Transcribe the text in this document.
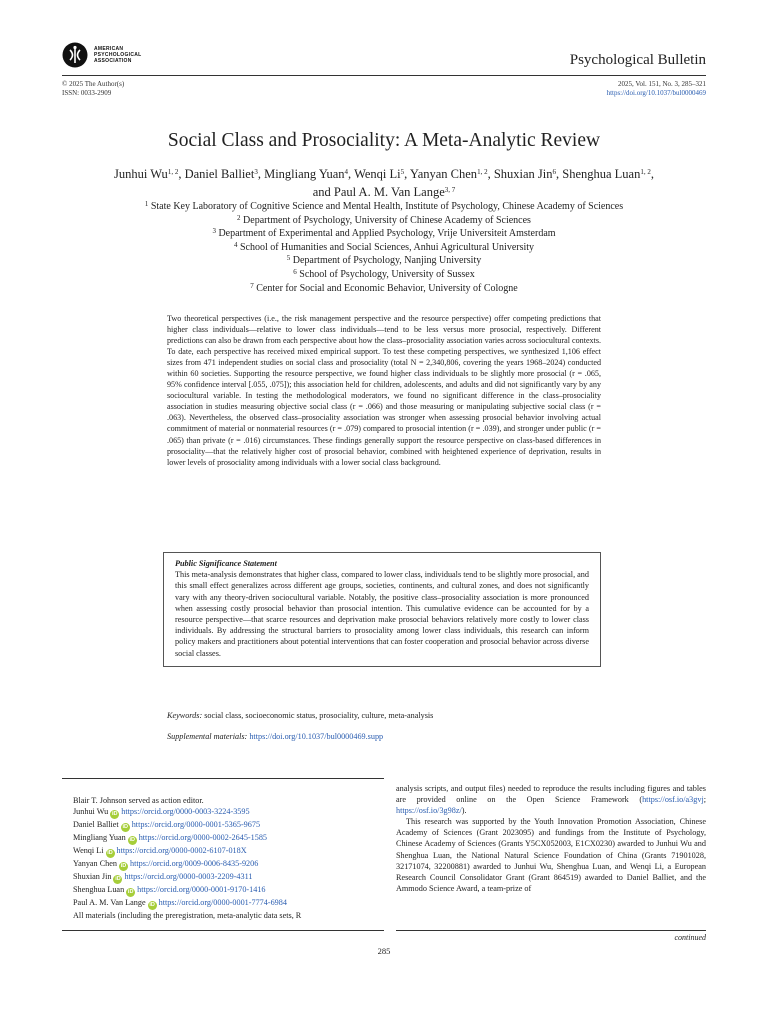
AMERICAN
PSYCHOLOGICAL
ASSOCIATION	Psychological Bulletin
© 2025 The Author(s)
ISSN: 0033-2909
2025, Vol. 151, No. 3, 285–321
https://doi.org/10.1037/bul0000469
Social Class and Prosociality: A Meta-Analytic Review
Junhui Wu$^{1, 2}$, Daniel Balliet$^3$, Mingliang Yuan$^4$, Wenqi Li$^5$, Yanyan Chen$^{1, 2}$, Shuxian Jin$^6$, Shenghua Luan$^{1, 2}$, and Paul A. M. Van Lange$^{3, 7}$
$^1$ State Key Laboratory of Cognitive Science and Mental Health, Institute of Psychology, Chinese Academy of Sciences
$^2$ Department of Psychology, University of Chinese Academy of Sciences
$^3$ Department of Experimental and Applied Psychology, Vrije Universiteit Amsterdam
$^4$ School of Humanities and Social Sciences, Anhui Agricultural University
$^5$ Department of Psychology, Nanjing University
$^6$ School of Psychology, University of Sussex
$^7$ Center for Social and Economic Behavior, University of Cologne
Two theoretical perspectives (i.e., the risk management perspective and the resource perspective) offer competing predictions that higher class individuals—relative to lower class individuals—tend to be less versus more prosocial, respectively. Different predictions can also be drawn from each perspective about how the class–prosociality association varies across sociocultural contexts. To date, each perspective has received mixed empirical support. To test these competing perspectives, we synthesized 1,106 effect sizes from 471 independent studies on social class and prosociality (total N = 2,340,806, covering the years 1968–2024) conducted within 60 societies. Supporting the resource perspective, we found higher class individuals to be slightly more prosocial (r = .065, 95% confidence interval [.055, .075]); this association held for children, adolescents, and adults and did not significantly vary by any sociocultural variable. In testing the methodological moderators, we found no significant difference in the class–prosociality association in studies measuring objective social class (r = .066) and those measuring or manipulating subjective social class (r = .063). Nevertheless, the observed class–prosociality association was stronger when assessing prosocial behavior involving actual commitment of material or nonmaterial resources (r = .079) compared to prosocial intention (r = .039), and stronger under public (r = .065) than private (r = .016) circumstances. These findings generally support the resource perspective on class-based differences in prosociality—that the relatively higher cost of prosocial behavior, combined with heightened experience of deprivation, results in lower levels of prosociality among individuals with a lower social class background.
Public Significance Statement
This meta-analysis demonstrates that higher class, compared to lower class, individuals tend to be slightly more prosocial, and this small effect generalizes across different age groups, societies, continents, and cultural zones, and does not significantly vary with any theory-driven sociocultural variable. Notably, the positive class–prosociality association is more pronounced when assessing costly prosocial behavior than prosocial intention. This cumulative evidence can be accounted for by a resource perspective—that scarce resources and deprivation make prosocial behaviors relatively more costly to lower class individuals. By addressing the structural barriers to prosociality among lower class individuals, this research can inform policy makers and practitioners about potential interventions that can foster cooperation and prosocial behavior across diverse social classes.
Keywords: social class, socioeconomic status, prosociality, culture, meta-analysis
Supplemental materials: https://doi.org/10.1037/bul0000469.supp
Blair T. Johnson served as action editor.
Junhui Wu iD https://orcid.org/0000-0003-3224-3595
Daniel Balliet iD https://orcid.org/0000-0001-5365-9675
Mingliang Yuan iD https://orcid.org/0000-0002-2645-1585
Wenqi Li iD https://orcid.org/0000-0002-6107-018X
Yanyan Chen iD https://orcid.org/0009-0006-8435-9206
Shuxian Jin iD https://orcid.org/0000-0003-2209-4311
Shenghua Luan iD https://orcid.org/0000-0001-9170-1416
Paul A. M. Van Lange iD https://orcid.org/0000-0001-7774-6984
All materials (including the preregistration, meta-analytic data sets, R
analysis scripts, and output files) needed to reproduce the results including figures and tables are provided online on the Open Science Framework (https://osf.io/a3gvj; https://osf.io/3g98z/).
This research was supported by the Youth Innovation Promotion Association, Chinese Academy of Sciences (Grant 2023095) and fundings from the Institute of Psychology, Chinese Academy of Sciences (Grants Y5CX052003, E1CX0230) awarded to Junhui Wu and Shenghua Luan, the National Natural Science Foundation of China (Grants 71901028, 32171074, 32200881) awarded to Junhui Wu, Shenghua Luan, and Wenqi Li, a European Research Council Consolidator Grant (Grant 864519) awarded to Daniel Balliet, and the Ammodo Science Award, a team-prize of
continued
285
